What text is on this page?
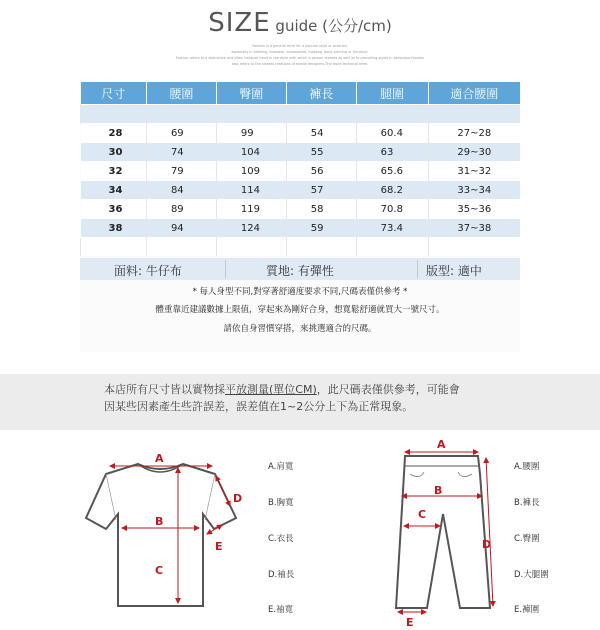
SIZE guide (公分/cm)
Fashion is a general term for a popular style or practice,
especially in clothing, footwear, accessories, makeup, body piercing or furniture.
Fashion refers to a distinctive and often habitual trend in the style with which a person dresses as well as to prevailing styles in behaviour.Fashion
also refers to the newest creations of textile designers.The more technical term.
尺寸	腰圍	臀圍	褲長	腿圍	適合腰圍

28	69	99	54	60.4	27~28
30	74	104	55	63	29~30
32	79	109	56	65.6	31~32
34	84	114	57	68.2	33~34
36	89	119	58	70.8	35~36
38	94	124	59	73.4	37~38

面料: 牛仔布	質地: 有彈性	版型: 適中
* 每人身型不同,對穿著舒適度要求不同,尺碼表僅供參考 *
體重靠近建議數據上限值，穿起來為剛好合身，想寬鬆舒適就買大一號尺寸。
請依自身習慣穿搭，來挑選適合的尺碼。
本店所有尺寸皆以實物採平放測量(單位CM)，此尺碼表僅供參考，可能會
因某些因素產生些許誤差，誤差值在1~2公分上下為正常現象。
A
B
C
D
E
A
B
C
D
E
A.肩寬
B.胸寬
C.衣長
D.袖長
E.袖寬
A.腰圍
B.褲長
C.臀圍
D.大腿圍
E.褲圍
